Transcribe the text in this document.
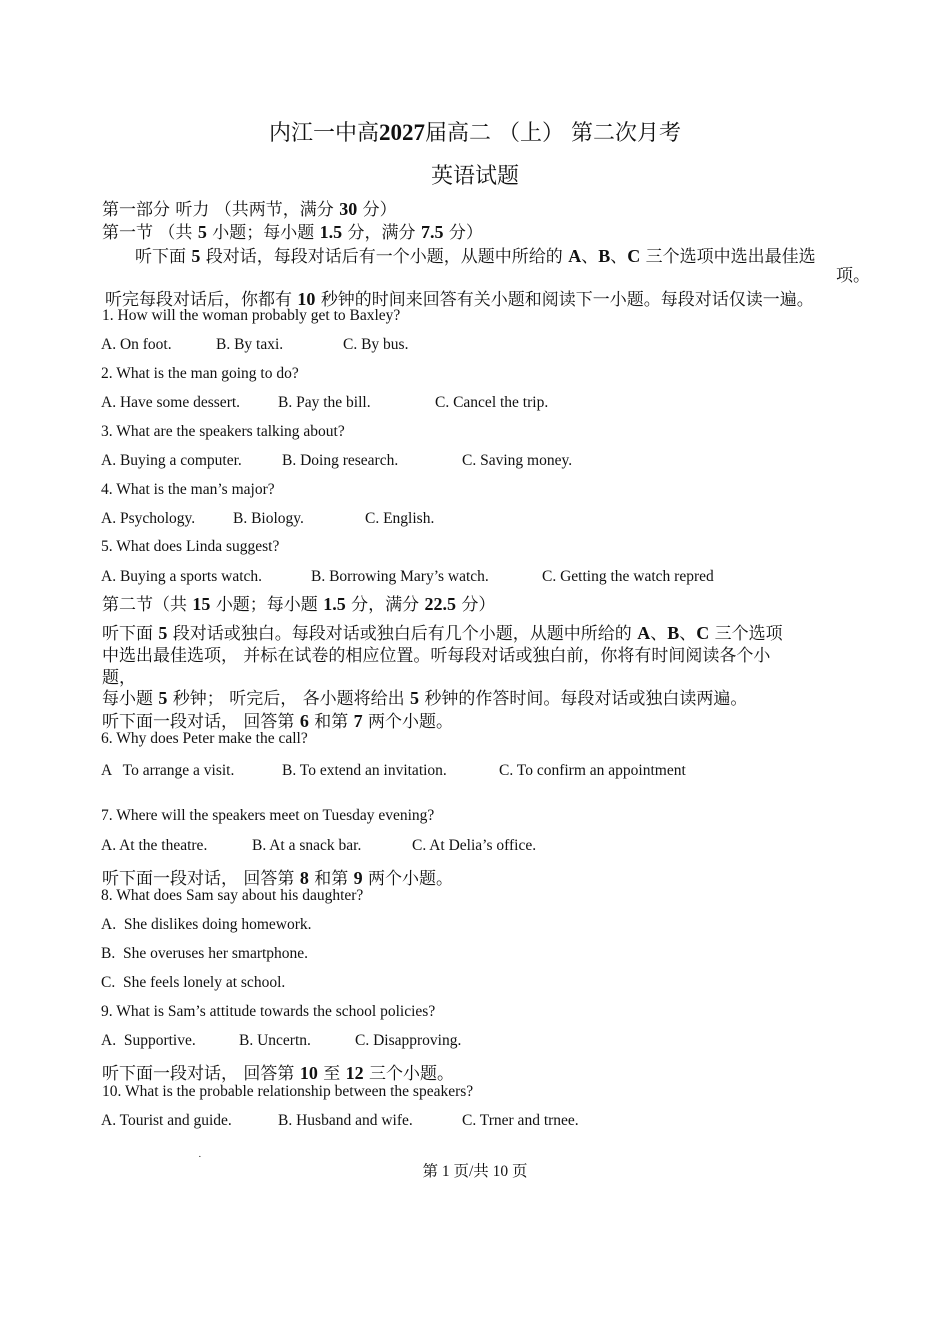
内江一中高2027届高二 （上） 第二次月考
英语试题
第一部分 听力 （共两节，满分 30 分）
第一节 （共 5 小题；每小题 1.5 分，满分 7.5 分）
听下面 5 段对话，每段对话后有一个小题，从题中所给的 A、B、C 三个选项中选出最佳选
项。
听完每段对话后，你都有 10 秒钟的时间来回答有关小题和阅读下一小题。每段对话仅读一遍。
1. How will the woman probably get to Baxley?
A. On foot.	B. By taxi.	C. By bus.
2. What is the man going to do?
A. Have some dessert. B. Pay the bill.	C. Cancel the trip.
3. What are the speakers talking about?
A. Buying a computer.	B. Doing research.	C. Saving money.
4. What is the man’s major?
A. Psychology. B. Biology.	C. English.
5. What does Linda suggest?
A. Buying a sports watch.	B. Borrowing Mary’s watch.	C. Getting the watch repred
第二节（共 15 小题；每小题 1.5 分，满分 22.5 分）
听下面 5 段对话或独白。每段对话或独白后有几个小题，从题中所给的 A、B、C 三个选项
中选出最佳选项， 并标在试卷的相应位置。听每段对话或独白前，你将有时间阅读各个小
题，
每小题 5 秒钟； 听完后， 各小题将给出 5 秒钟的作答时间。每段对话或独白读两遍。
听下面一段对话， 回答第 6 和第 7 两个小题。
6. Why does Peter make the call?
A   To arrange a visit.	B. To extend an invitation.	C. To confirm an appointment
7. Where will the speakers meet on Tuesday evening?
A. At the theatre.	B. At a snack bar.	C. At Delia’s office.
听下面一段对话， 回答第 8 和第 9 两个小题。
8. What does Sam say about his daughter?
A.  She dislikes doing homework.
B.  She overuses her smartphone.
C.  She feels lonely at school.
9. What is Sam’s attitude towards the school policies?
A.  Supportive.	B. Uncertn.	C. Disapproving.
听下面一段对话， 回答第 10 至 12 三个小题。
10. What is the probable relationship between the speakers?
A. Tourist and guide.	B. Husband and wife.	C. Trner and trnee.
˙
第 1 页/共 10 页
